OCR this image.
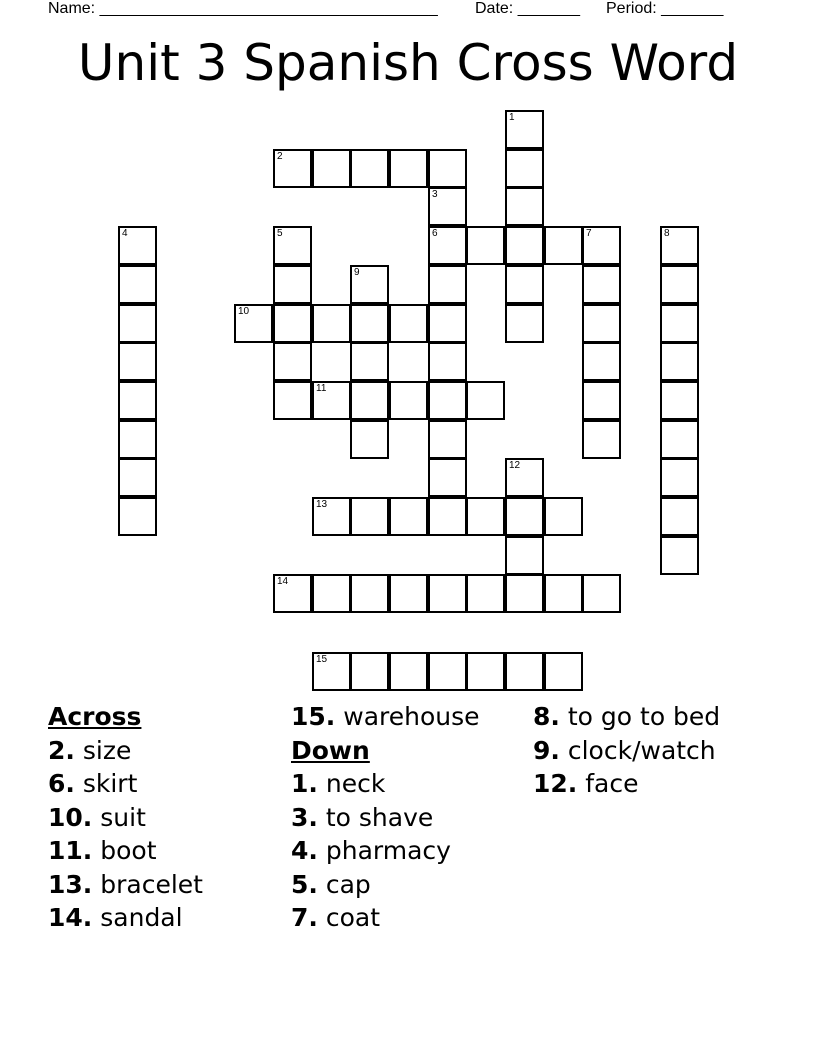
Name: ______________________________________ Date: _______ Period: _______
Unit 3 Spanish Cross Word
1
2
3
6
4	5	7	8
9
10
11
12
13
14
15
Across
2. size
6. skirt
10. suit
11. boot
13. bracelet
14. sandal
15. warehouse
Down
1. neck
3. to shave
4. pharmacy
5. cap
7. coat
8. to go to bed
9. clock/watch
12. face
